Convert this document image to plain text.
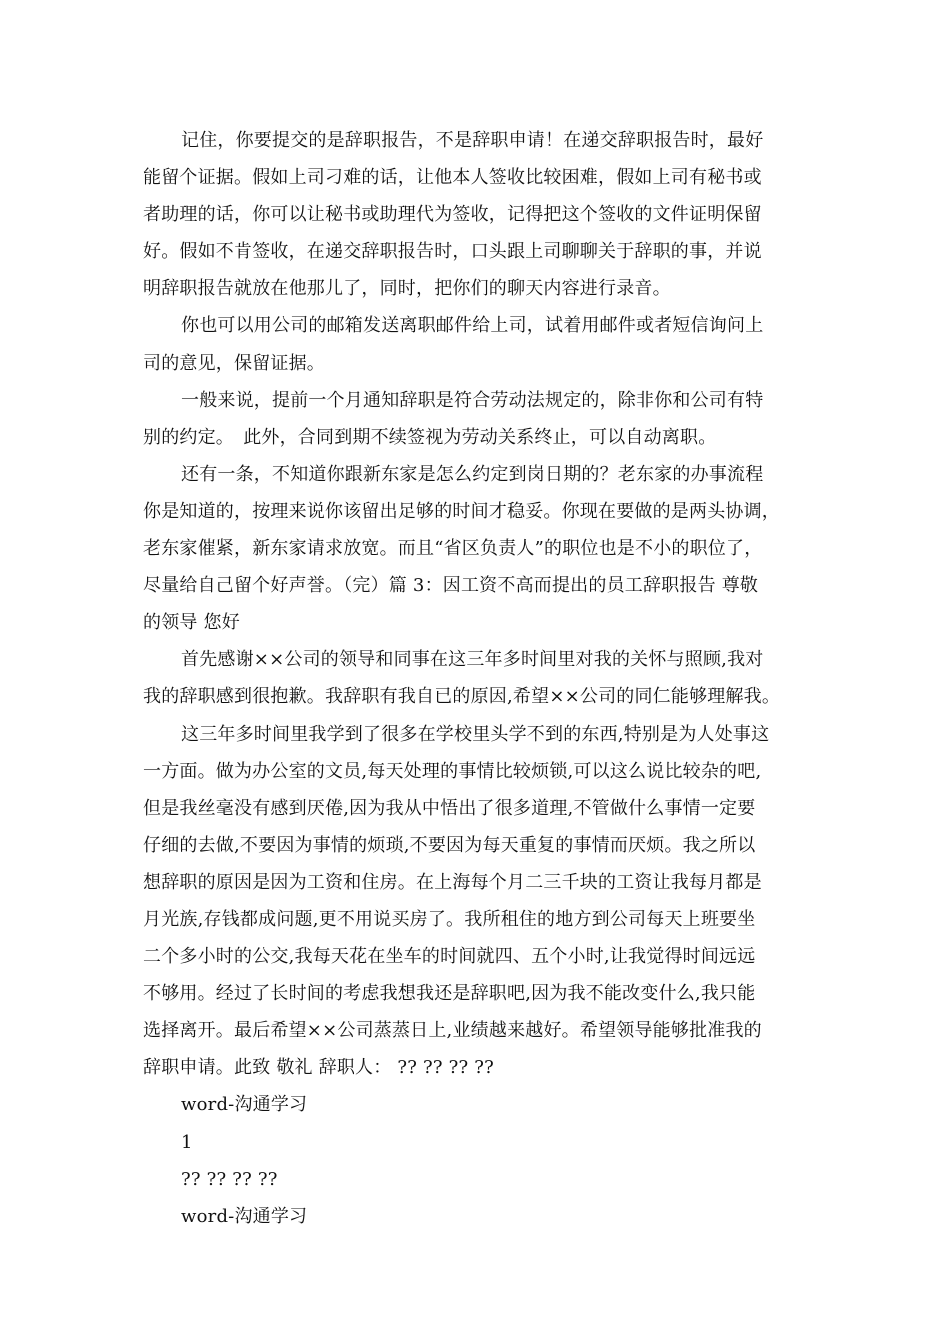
记住，你要提交的是辞职报告，不是辞职申请！在递交辞职报告时，最好
能留个证据。假如上司刁难的话，让他本人签收比较困难，假如上司有秘书或
者助理的话，你可以让秘书或助理代为签收，记得把这个签收的文件证明保留
好。假如不肯签收，在递交辞职报告时，口头跟上司聊聊关于辞职的事，并说
明辞职报告就放在他那儿了，同时，把你们的聊天内容进行录音。
你也可以用公司的邮箱发送离职邮件给上司，试着用邮件或者短信询问上
司的意见，保留证据。
一般来说，提前一个月通知辞职是符合劳动法规定的，除非你和公司有特
别的约定。　此外，合同到期不续签视为劳动关系终止，可以自动离职。
还有一条，不知道你跟新东家是怎么约定到岗日期的？老东家的办事流程
你是知道的，按理来说你该留出足够的时间才稳妥。你现在要做的是两头协调，
老东家催紧，新东家请求放宽。而且“省区负责人”的职位也是不小的职位了，
尽量给自己留个好声誉。（完）篇 3：因工资不高而提出的员工辞职报告 尊敬
的领导 您好
首先感谢××公司的领导和同事在这三年多时间里对我的关怀与照顾,我对
我的辞职感到很抱歉。我辞职有我自已的原因,希望××公司的同仁能够理解我。
这三年多时间里我学到了很多在学校里头学不到的东西,特别是为人处事这
一方面。做为办公室的文员,每天处理的事情比较烦锁,可以这么说比较杂的吧,
但是我丝毫没有感到厌倦,因为我从中悟出了很多道理,不管做什么事情一定要
仔细的去做,不要因为事情的烦琐,不要因为每天重复的事情而厌烦。我之所以
想辞职的原因是因为工资和住房。在上海每个月二三千块的工资让我每月都是
月光族,存钱都成问题,更不用说买房了。我所租住的地方到公司每天上班要坐
二个多小时的公交,我每天花在坐车的时间就四、五个小时,让我觉得时间远远
不够用。经过了长时间的考虑我想我还是辞职吧,因为我不能改变什么,我只能
选择离开。最后希望××公司蒸蒸日上,业绩越来越好。希望领导能够批准我的
辞职申请。此致 敬礼 辞职人： ?? ?? ?? ??
word-沟通学习
1
?? ?? ?? ??
word-沟通学习
